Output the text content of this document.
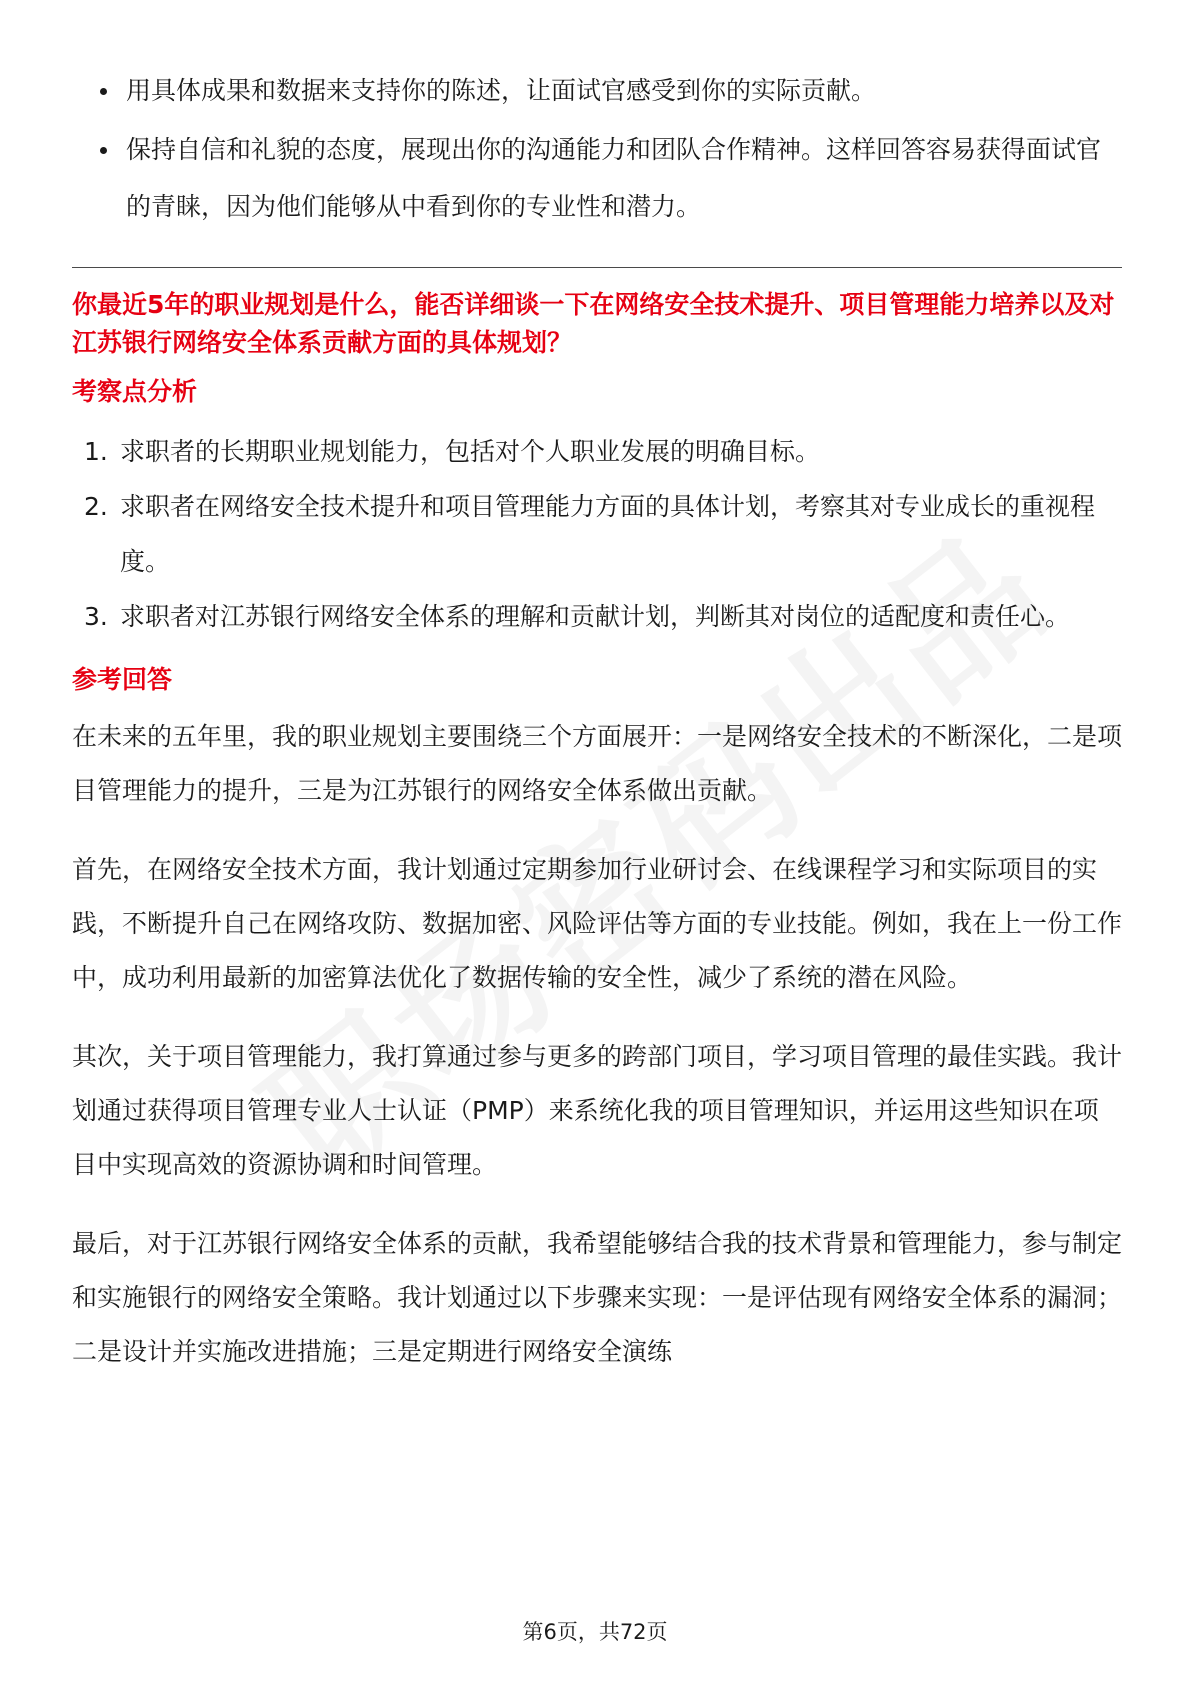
用具体成果和数据来支持你的陈述，让面试官感受到你的实际贡献。
保持自信和礼貌的态度，展现出你的沟通能力和团队合作精神。这样回答容易获得面试官的青睐，因为他们能够从中看到你的专业性和潜力。
你最近5年的职业规划是什么，能否详细谈一下在网络安全技术提升、项目管理能力培养以及对江苏银行网络安全体系贡献方面的具体规划？
考察点分析
1. 求职者的长期职业规划能力，包括对个人职业发展的明确目标。
2. 求职者在网络安全技术提升和项目管理能力方面的具体计划，考察其对专业成长的重视程度。
3. 求职者对江苏银行网络安全体系的理解和贡献计划，判断其对岗位的适配度和责任心。
参考回答

在未来的五年里，我的职业规划主要围绕三个方面展开：一是网络安全技术的不断深化，二是项目管理能力的提升，三是为江苏银行的网络安全体系做出贡献。

首先，在网络安全技术方面，我计划通过定期参加行业研讨会、在线课程学习和实际项目的实践，不断提升自己在网络攻防、数据加密、风险评估等方面的专业技能。例如，我在上一份工作中，成功利用最新的加密算法优化了数据传输的安全性，减少了系统的潜在风险。

其次，关于项目管理能力，我打算通过参与更多的跨部门项目，学习项目管理的最佳实践。我计划通过获得项目管理专业人士认证（PMP）来系统化我的项目管理知识，并运用这些知识在项目中实现高效的资源协调和时间管理。

最后，对于江苏银行网络安全体系的贡献，我希望能够结合我的技术背景和管理能力，参与制定和实施银行的网络安全策略。我计划通过以下步骤来实现：一是评估现有网络安全体系的漏洞；二是设计并实施改进措施；三是定期进行网络安全演练

第6页，共72页
